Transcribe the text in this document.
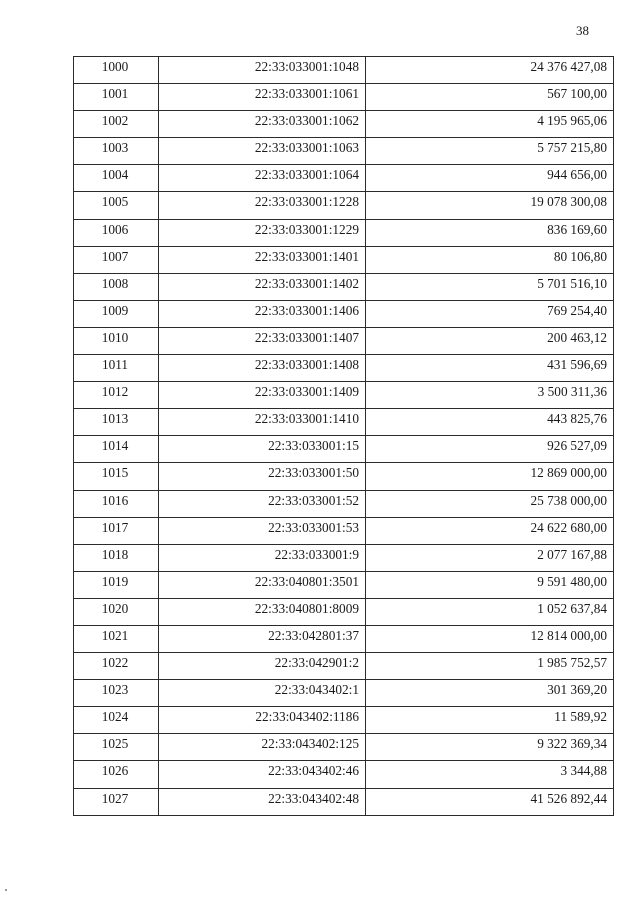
38
1000	22:33:033001:1048	24 376 427,08
1001	22:33:033001:1061	567 100,00
1002	22:33:033001:1062	4 195 965,06
1003	22:33:033001:1063	5 757 215,80
1004	22:33:033001:1064	944 656,00
1005	22:33:033001:1228	19 078 300,08
1006	22:33:033001:1229	836 169,60
1007	22:33:033001:1401	80 106,80
1008	22:33:033001:1402	5 701 516,10
1009	22:33:033001:1406	769 254,40
1010	22:33:033001:1407	200 463,12
1011	22:33:033001:1408	431 596,69
1012	22:33:033001:1409	3 500 311,36
1013	22:33:033001:1410	443 825,76
1014	22:33:033001:15	926 527,09
1015	22:33:033001:50	12 869 000,00
1016	22:33:033001:52	25 738 000,00
1017	22:33:033001:53	24 622 680,00
1018	22:33:033001:9	2 077 167,88
1019	22:33:040801:3501	9 591 480,00
1020	22:33:040801:8009	1 052 637,84
1021	22:33:042801:37	12 814 000,00
1022	22:33:042901:2	1 985 752,57
1023	22:33:043402:1	301 369,20
1024	22:33:043402:1186	11 589,92
1025	22:33:043402:125	9 322 369,34
1026	22:33:043402:46	3 344,88
1027	22:33:043402:48	41 526 892,44
